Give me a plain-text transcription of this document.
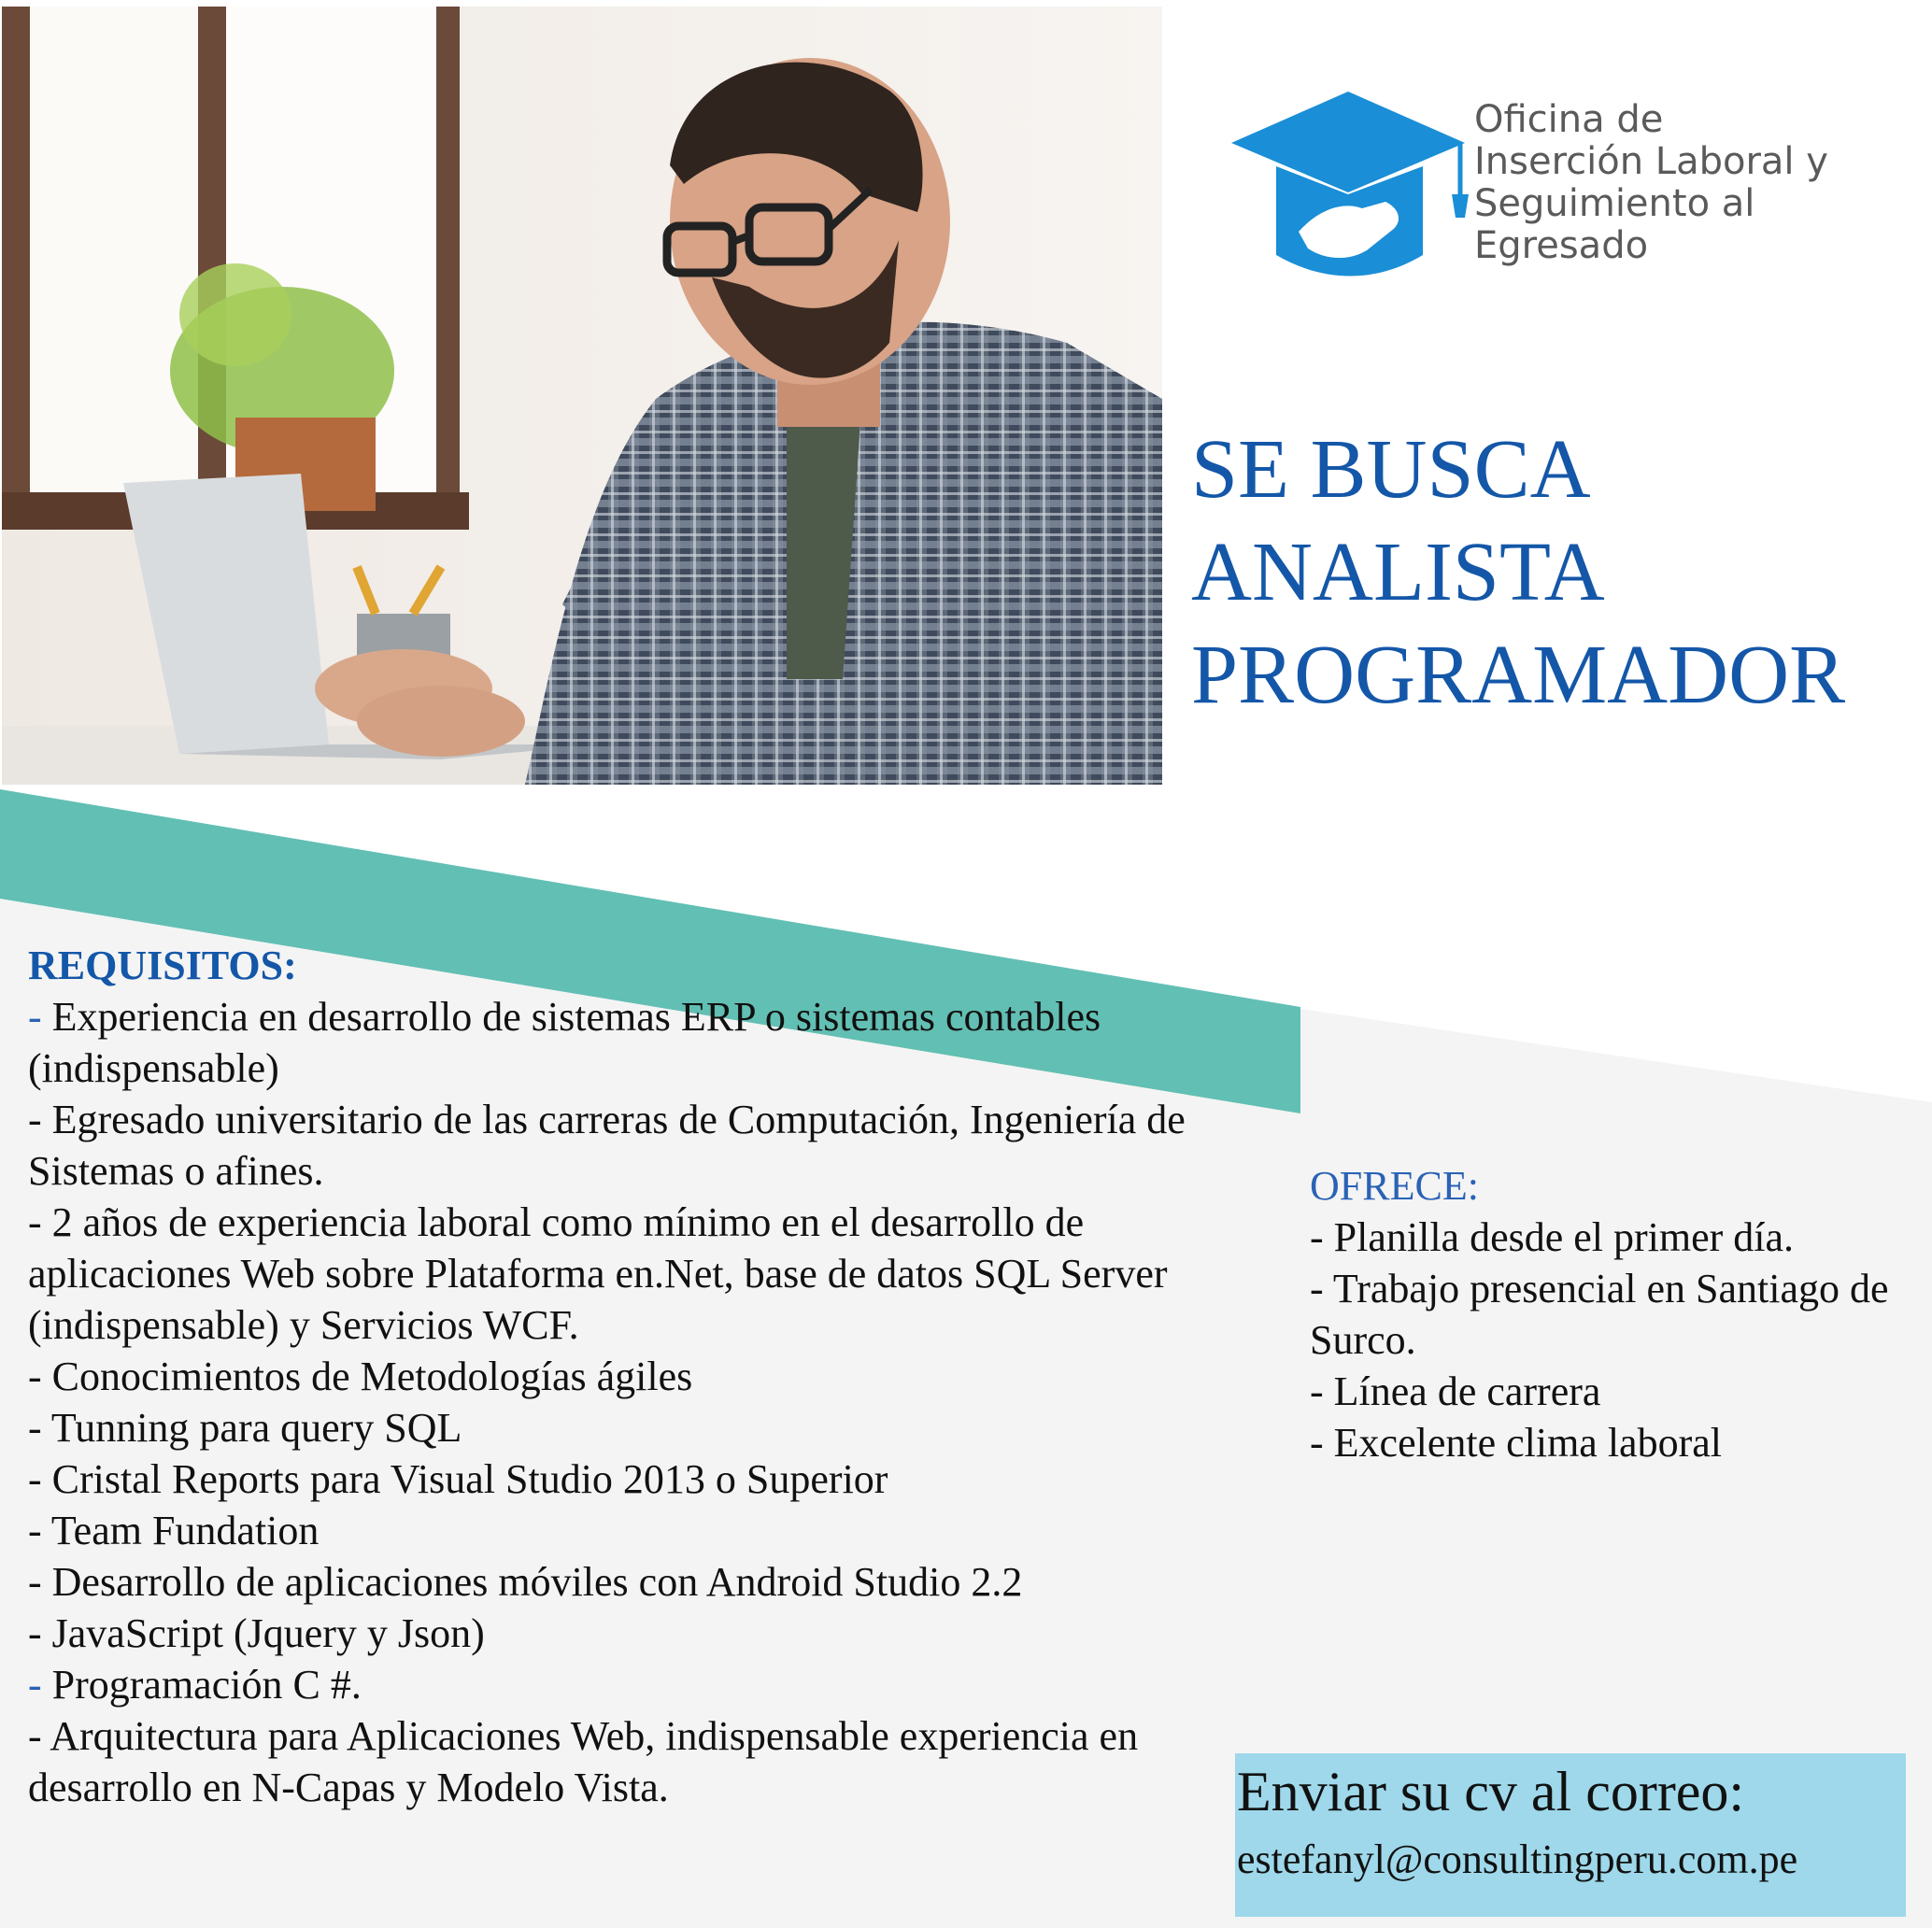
Oficina de
Inserción Laboral y
Seguimiento al
Egresado
SE BUSCA
ANALISTA
PROGRAMADOR
REQUISITOS:
- Experiencia en desarrollo de sistemas ERP o sistemas contables (indispensable)
- Egresado universitario de las carreras de Computación, Ingeniería de Sistemas o afines.
- 2 años de experiencia laboral como mínimo en el desarrollo de aplicaciones Web sobre Plataforma en.Net, base de datos SQL Server (indispensable) y Servicios WCF.
- Conocimientos de Metodologías ágiles
- Tunning para query SQL
- Cristal Reports para Visual Studio 2013 o Superior
- Team Fundation
- Desarrollo de aplicaciones móviles con Android Studio 2.2
- JavaScript (Jquery y Json)
- Programación C #.
- Arquitectura para Aplicaciones Web, indispensable experiencia en desarrollo en N-Capas y Modelo Vista.
OFRECE:
- Planilla desde el primer día.
- Trabajo presencial en Santiago de Surco.
- Línea de carrera
- Excelente clima laboral
Enviar su cv al correo:
estefanyl@consultingperu.com.pe
